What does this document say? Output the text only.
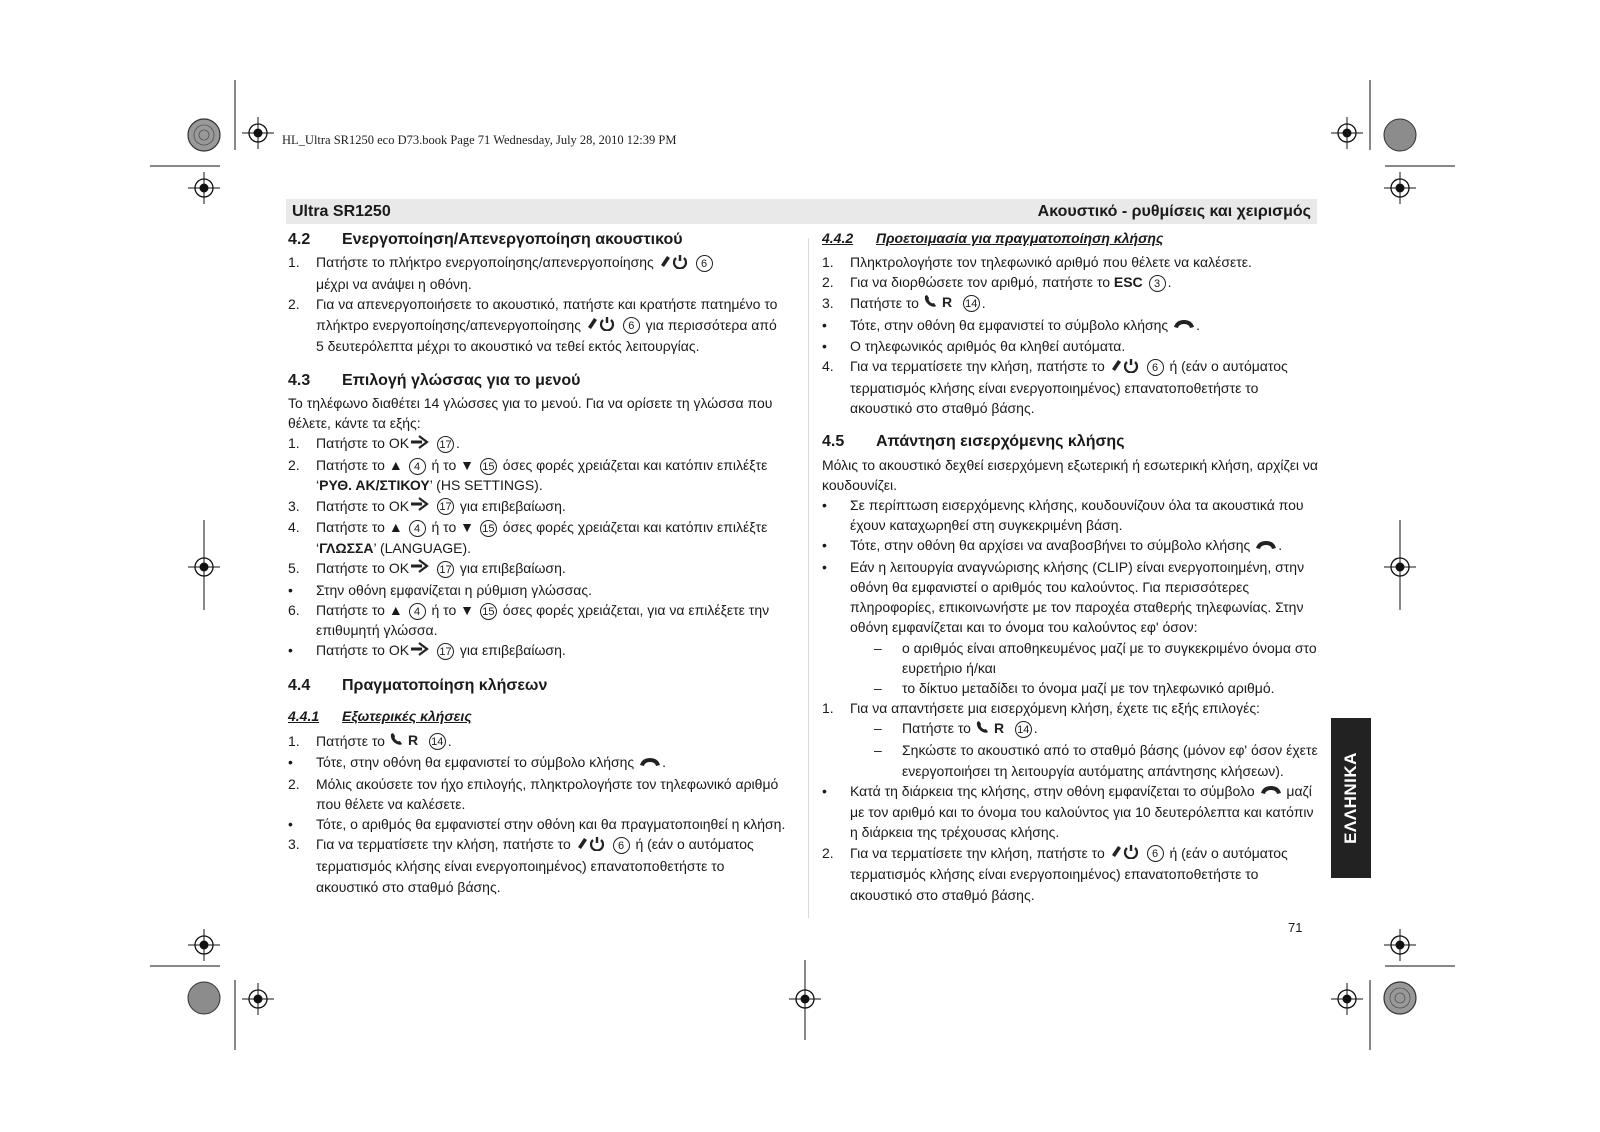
HL_Ultra SR1250 eco D73.book Page 71 Wednesday, July 28, 2010 12:39 PM
Ultra SR1250	Ακουστικό - ρυθμίσεις και χειρισμός
4.2	Ενεργοποίηση/Απενεργοποίηση ακουστικού
1.	Πατήστε το πλήκτρο ενεργοποίησης/απενεργοποίησης	6
μέχρι να ανάψει η οθόνη.
2.	Για να απενεργοποιήσετε το ακουστικό, πατήστε και κρατήστε πατημένο το πλήκτρο ενεργοποίησης/απενεργοποίησης	6 για περισσότερα από 5 δευτερόλεπτα μέχρι το ακουστικό να τεθεί εκτός λειτουργίας.
4.3	Επιλογή γλώσσας για το μενού
Το τηλέφωνο διαθέτει 14 γλώσσες για το μενού. Για να ορίσετε τη γλώσσα που θέλετε, κάντε τα εξής:
1.	Πατήστε το OK	17 .
2.	Πατήστε το ▲ 4 ή το ▼ 15 όσες φορές χρειάζεται και κατόπιν επιλέξτε ‘ΡΥΘ. ΑΚ/ΣΤΙΚΟΥ’ (HS SETTINGS).
3.	Πατήστε το OK	17 για επιβεβαίωση.
4.	Πατήστε το ▲ 4 ή το ▼ 15 όσες φορές χρειάζεται και κατόπιν επιλέξτε ‘ΓΛΩΣΣΑ’ (LANGUAGE).
5.	Πατήστε το OK	17 για επιβεβαίωση.
•	Στην οθόνη εμφανίζεται η ρύθμιση γλώσσας.
6.	Πατήστε το ▲ 4 ή το ▼ 15 όσες φορές χρειάζεται, για να επιλέξετε την επιθυμητή γλώσσα.
•	Πατήστε το OK	17 για επιβεβαίωση.
4.4	Πραγματοποίηση κλήσεων
4.4.1	Εξωτερικές κλήσεις
1.	Πατήστε το R 14 .
•	Τότε, στην οθόνη θα εμφανιστεί το σύμβολο κλήσης .
2.	Μόλις ακούσετε τον ήχο επιλογής, πληκτρολογήστε τον τηλεφωνικό αριθμό που θέλετε να καλέσετε.
•	Τότε, ο αριθμός θα εμφανιστεί στην οθόνη και θα πραγματοποιηθεί η κλήση.
3.	Για να τερματίσετε την κλήση, πατήστε το	6 ή (εάν ο αυτόματος τερματισμός κλήσης είναι ενεργοποιημένος) επανατοποθετήστε το ακουστικό στο σταθμό βάσης.
4.4.2	Προετοιμασία για πραγματοποίηση κλήσης
1.	Πληκτρολογήστε τον τηλεφωνικό αριθμό που θέλετε να καλέσετε.
2.	Για να διορθώσετε τον αριθμό, πατήστε το ESC 3 .
3.	Πατήστε το R 14 .
•	Τότε, στην οθόνη θα εμφανιστεί το σύμβολο κλήσης .
•	Ο τηλεφωνικός αριθμός θα κληθεί αυτόματα.
4.	Για να τερματίσετε την κλήση, πατήστε το	6 ή (εάν ο αυτόματος τερματισμός κλήσης είναι ενεργοποιημένος) επανατοποθετήστε το ακουστικό στο σταθμό βάσης.
4.5	Απάντηση εισερχόμενης κλήσης
Μόλις το ακουστικό δεχθεί εισερχόμενη εξωτερική ή εσωτερική κλήση, αρχίζει να κουδουνίζει.
•	Σε περίπτωση εισερχόμενης κλήσης, κουδουνίζουν όλα τα ακουστικά που έχουν καταχωρηθεί στη συγκεκριμένη βάση.
•	Τότε, στην οθόνη θα αρχίσει να αναβοσβήνει το σύμβολο κλήσης .
•	Εάν η λειτουργία αναγνώρισης κλήσης (CLIP) είναι ενεργοποιημένη, στην οθόνη θα εμφανιστεί ο αριθμός του καλούντος. Για περισσότερες πληροφορίες, επικοινωνήστε με τον παροχέα σταθερής τηλεφωνίας. Στην οθόνη εμφανίζεται και το όνομα του καλούντος εφ' όσον:
–	ο αριθμός είναι αποθηκευμένος μαζί με το συγκεκριμένο όνομα στο ευρετήριο ή/και
–	το δίκτυο μεταδίδει το όνομα μαζί με τον τηλεφωνικό αριθμό.
1.	Για να απαντήσετε μια εισερχόμενη κλήση, έχετε τις εξής επιλογές:
–	Πατήστε το R 14 .
–	Σηκώστε το ακουστικό από το σταθμό βάσης (μόνον εφ' όσον έχετε ενεργοποιήσει τη λειτουργία αυτόματης απάντησης κλήσεων).
•	Κατά τη διάρκεια της κλήσης, στην οθόνη εμφανίζεται το σύμβολο μαζί με τον αριθμό και το όνομα του καλούντος για 10 δευτερόλεπτα και κατόπιν η διάρκεια της τρέχουσας κλήσης.
2.	Για να τερματίσετε την κλήση, πατήστε το	6 ή (εάν ο αυτόματος τερματισμός κλήσης είναι ενεργοποιημένος) επανατοποθετήστε το ακουστικό στο σταθμό βάσης.
ΕΛΛΗΝΙΚΑ
71
